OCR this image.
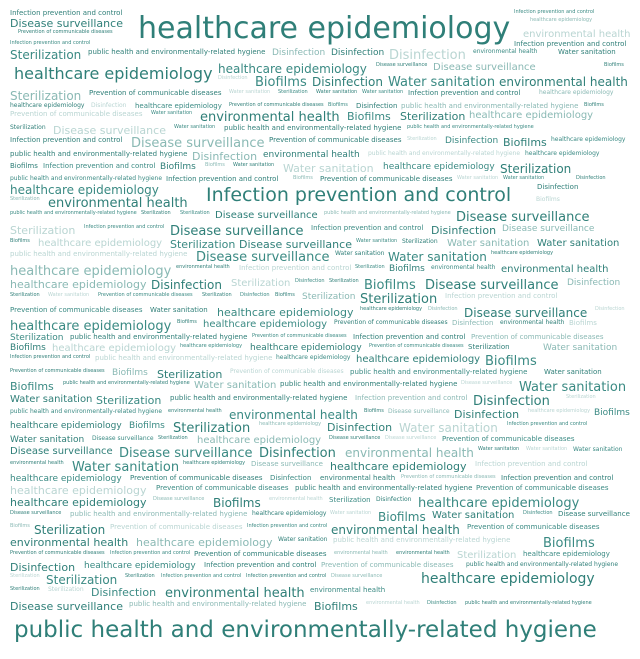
healthcare epidemiology
public health and environmentally-related hygiene
Infection prevention and control
healthcare epidemiology
healthcare epidemiology
Infection prevention and control	Infection prevention and control
Disease surveillance	healthcare epidemiology
Prevention of communicable diseases	environmental health
Infection prevention and control	Infection prevention and control
Sterilization public health and environmentally-related hygiene Disinfection Disinfection Disinfection environmental health	Water sanitation
healthcare epidemiology Disease surveillance Disease surveillance	Biofilms
Disinfection Biofilms Disinfection Water sanitation environmental health
Sterilization Prevention of communicable diseases Water sanitation Sterilization Water sanitation Water sanitation Infection prevention and control	healthcare epidemiology
healthcare epidemiology Disinfection healthcare epidemiology Prevention of communicable diseases Biofilms Disinfection public health and environmentally-related hygiene Biofilms
Prevention of communicable diseases Water sanitation environmental health Biofilms Sterilization healthcare epidemiology
Sterilization Disease surveillance Water sanitation public health and environmentally-related hygiene public health and environmentally-related hygiene
Infection prevention and control Disease surveillance Prevention of communicable diseases Sterilization Disinfection Biofilms healthcare epidemiology
public health and environmentally-related hygiene Disinfection environmental health public health and environmentally-related hygiene healthcare epidemiology
Biofilms Infection prevention and control Biofilms Biofilms Water sanitation Water sanitation healthcare epidemiology Sterilization
public health and environmentally-related hygiene Infection prevention and control	Biofilms Prevention of communicable diseases Water sanitation Water sanitation	Disinfection
healthcare epidemiology	Disinfection
Sterilization environmental health	Biofilms
public health and environmentally-related hygiene Sterilization Sterilization Disease surveillance public health and environmentally-related hygiene Disease surveillance
Sterilization Infection prevention and control Disease surveillance Infection prevention and control Disinfection Disease surveillance
Biofilms healthcare epidemiology Sterilization Disease surveillance Water sanitation Sterilization Water sanitation Water sanitation
public health and environmentally-related hygiene Disease surveillance Water sanitation Water sanitation healthcare epidemiology
healthcare epidemiology environmental health Infection prevention and control Sterilization Biofilms environmental health environmental health
healthcare epidemiology Disinfection Sterilization Disinfection Sterilization Biofilms Disease surveillance Disinfection
Sterilization Water sanitation Prevention of communicable diseases Sterilization Disinfection Biofilms Sterilization Sterilization Infection prevention and control
Prevention of communicable diseases Water sanitation healthcare epidemiology healthcare epidemiology Disinfection Disease surveillance Disinfection
healthcare epidemiology Biofilms healthcare epidemiology Prevention of communicable diseases Disinfection environmental health Biofilms
Sterilization public health and environmentally-related hygiene Prevention of communicable diseases Infection prevention and control Prevention of communicable diseases
Biofilms healthcare epidemiology healthcare epidemiology healthcare epidemiology Prevention of communicable diseases Sterilization	Water sanitation
Infection prevention and control public health and environmentally-related hygiene healthcare epidemiology healthcare epidemiology Biofilms
Prevention of communicable diseases Biofilms Sterilization Prevention of communicable diseases public health and environmentally-related hygiene Water sanitation
Biofilms public health and environmentally-related hygiene Water sanitation public health and environmentally-related hygiene Disease surveillance Water sanitation
Water sanitation Sterilization public health and environmentally-related hygiene Infection prevention and control Disinfection	Sterilization
public health and environmentally-related hygiene environmental health environmental health Biofilms Disease surveillance Disinfection healthcare epidemiology Biofilms
healthcare epidemiology Biofilms Sterilization healthcare epidemiology Disinfection Water sanitation Infection prevention and control
Water sanitation Disease surveillance Sterilization healthcare epidemiology Disease surveillance Disease surveillance Prevention of communicable diseases
Disease surveillance Disease surveillance Disinfection environmental health Water sanitation Water sanitation Water sanitation
environmental health Water sanitation healthcare epidemiology Disease surveillance healthcare epidemiology Infection prevention and control
healthcare epidemiology Prevention of communicable diseases Disinfection environmental health Prevention of communicable diseases Infection prevention and control
healthcare epidemiology Prevention of communicable diseases public health and environmentally-related hygiene Prevention of communicable diseases
healthcare epidemiology Disease surveillance Biofilms environmental health Sterilization Disinfection healthcare epidemiology
Disease surveillance public health and environmentally-related hygiene healthcare epidemiology Water sanitation Biofilms Water sanitation Disinfection Disease surveillance
Biofilms Sterilization Prevention of communicable diseases Infection prevention and control environmental health Prevention of communicable diseases
environmental health healthcare epidemiology Water sanitation public health and environmentally-related hygiene	Biofilms
Prevention of communicable diseases Infection prevention and control Prevention of communicable diseases environmental health environmental health Sterilization healthcare epidemiology
Disinfection healthcare epidemiology Infection prevention and control Prevention of communicable diseases public health and environmentally-related hygiene
Sterilization Sterilization Sterilization Infection prevention and control Infection prevention and control Disease surveillance
Sterilization Sterilization Disinfection environmental health environmental health
Disease surveillance public health and environmentally-related hygiene Biofilms environmental health Disinfection public health and environmentally-related hygiene
